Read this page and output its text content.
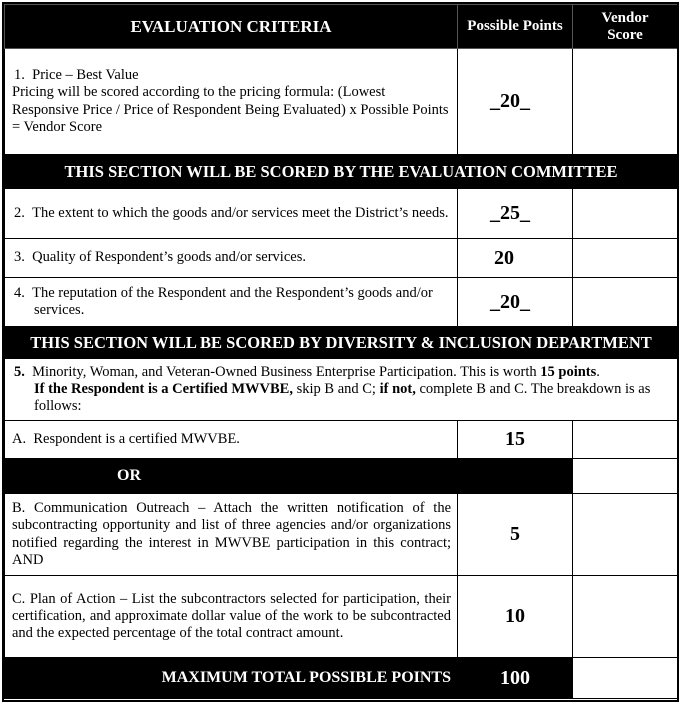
EVALUATION CRITERIA	Possible Points	Vendor
Score

1.  Price – Best Value
Pricing will be scored according to the pricing formula: (Lowest Responsive Price / Price of Respondent Being Evaluated) x Possible Points = Vendor Score	_20_	
THIS SECTION WILL BE SCORED BY THE EVALUATION COMMITTEE		

2. The extent to which the goods and/or services meet the District’s needs.	_25_	

3. Quality of Respondent’s goods and/or services.	20	

4. The reputation of the Respondent and the Respondent’s goods and/or services.	_20_	
THIS SECTION WILL BE SCORED BY DIVERSITY & INCLUSION DEPARTMENT		

5. Minority, Woman, and Veteran-Owned Business Enterprise Participation. This is worth 15 points.
If the Respondent is a Certified MWVBE, skip B and C; if not, complete B and C. The breakdown is as follows:		

A.  Respondent is a certified MWVBE.	15	
OR		
B. Communication Outreach – Attach the written notification of the subcontracting opportunity and list of three agencies and/or organizations notified regarding the interest in MWVBE participation in this contract; AND	5	
C. Plan of Action – List the subcontractors selected for participation, their certification, and approximate dollar value of the work to be subcontracted and the expected percentage of the total contract amount.	10	
MAXIMUM TOTAL POSSIBLE POINTS	100	
